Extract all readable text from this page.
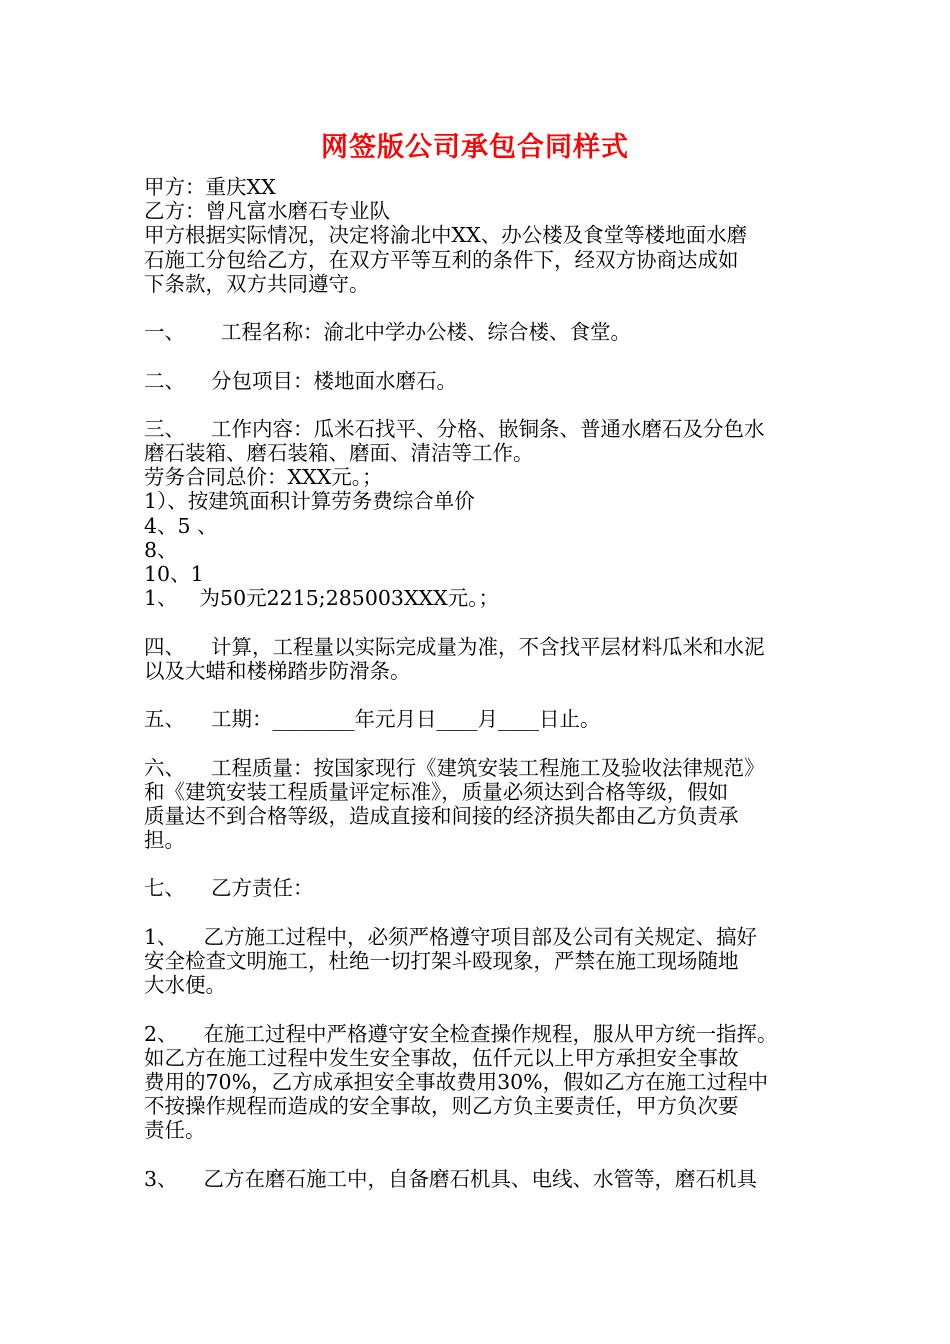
网签版公司承包合同样式
甲方：重庆XX
乙方：曾凡富水磨石专业队
甲方根据实际情况，决定将渝北中XX、办公楼及食堂等楼地面水磨
石施工分包给乙方，在双方平等互利的条件下，经双方协商达成如
下条款，双方共同遵守。
一、 工程名称：渝北中学办公楼、综合楼、食堂。
二、 分包项目：楼地面水磨石。
三、 工作内容：瓜米石找平、分格、嵌铜条、普通水磨石及分色水
磨石装箱、磨石装箱、磨面、清洁等工作。
劳务合同总价：XXX元。；
1）、按建筑面积计算劳务费综合单价
4、5 、
8、
10、1
1、 为50元2215;285003XXX元。；
四、 计算，工程量以实际完成量为准，不含找平层材料瓜米和水泥
以及大蜡和楼梯踏步防滑条。
五、 工期：________年元月日____月____日止。
六、 工程质量：按国家现行《建筑安装工程施工及验收法律规范》
和《建筑安装工程质量评定标准》，质量必须达到合格等级，假如
质量达不到合格等级，造成直接和间接的经济损失都由乙方负责承
担。
七、 乙方责任：
1、 乙方施工过程中，必须严格遵守项目部及公司有关规定、搞好
安全检查文明施工，杜绝一切打架斗殴现象，严禁在施工现场随地
大水便。
2、 在施工过程中严格遵守安全检查操作规程，服从甲方统一指挥。
如乙方在施工过程中发生安全事故，伍仟元以上甲方承担安全事故
费用的70%，乙方成承担安全事故费用30%，假如乙方在施工过程中
不按操作规程而造成的安全事故，则乙方负主要责任，甲方负次要
责任。
3、 乙方在磨石施工中，自备磨石机具、电线、水管等，磨石机具
